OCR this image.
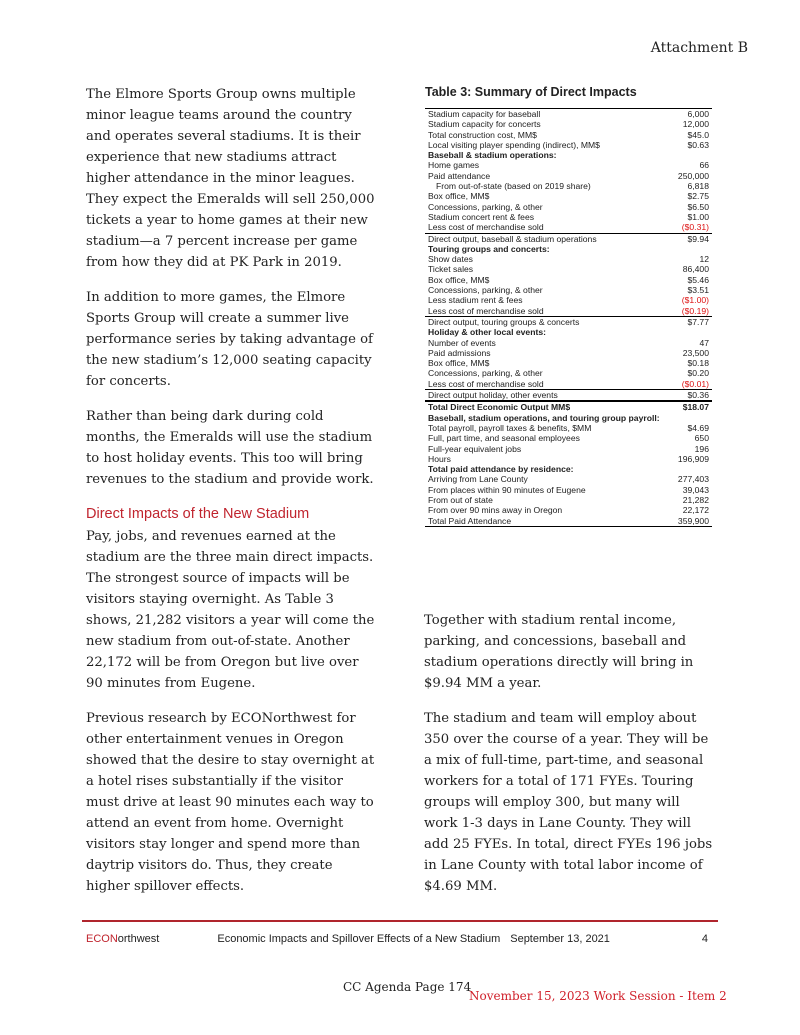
Attachment B

The Elmore Sports Group owns multiple minor league teams around the country and operates several stadiums. It is their experience that new stadiums attract higher attendance in the minor leagues. They expect the Emeralds will sell 250,000 tickets a year to home games at their new stadium—a 7 percent increase per game from how they did at PK Park in 2019.

In addition to more games, the Elmore Sports Group will create a summer live performance series by taking advantage of the new stadium’s 12,000 seating capacity for concerts.

Rather than being dark during cold months, the Emeralds will use the stadium to host holiday events. This too will bring revenues to the stadium and provide work.

Direct Impacts of the New Stadium

Pay, jobs, and revenues earned at the stadium are the three main direct impacts. The strongest source of impacts will be visitors staying overnight. As Table 3 shows, 21,282 visitors a year will come the new stadium from out-of-state. Another 22,172 will be from Oregon but live over 90 minutes from Eugene.

Previous research by ECONorthwest for other entertainment venues in Oregon showed that the desire to stay overnight at a hotel rises substantially if the visitor must drive at least 90 minutes each way to attend an event from home. Overnight visitors stay longer and spend more than daytrip visitors do. Thus, they create higher spillover effects.

Table 3: Summary of Direct Impacts
Stadium capacity for baseball	6,000
Stadium capacity for concerts	12,000
Total construction cost, MM$	$45.0
Local visiting player spending (indirect), MM$	$0.63
Baseball & stadium operations:
Home games	66
Paid attendance	250,000
From out-of-state (based on 2019 share)	6,818
Box office, MM$	$2.75
Concessions, parking, & other	$6.50
Stadium concert rent & fees	$1.00
Less cost of merchandise sold	($0.31)
Direct output, baseball & stadium operations	$9.94
Touring groups and concerts:
Show dates	12
Ticket sales	86,400
Box office, MM$	$5.46
Concessions, parking, & other	$3.51
Less stadium rent & fees	($1.00)
Less cost of merchandise sold	($0.19)
Direct output, touring groups & concerts	$7.77
Holiday & other local events:
Number of events	47
Paid admissions	23,500
Box office, MM$	$0.18
Concessions, parking, & other	$0.20
Less cost of merchandise sold	($0.01)
Direct output holiday, other events	$0.36
Total Direct Economic Output MM$	$18.07
Baseball, stadium operations, and touring group payroll:
Total payroll, payroll taxes & benefits, $MM	$4.69
Full, part time, and seasonal employees	650
Full-year equivalent jobs	196
Hours	196,909
Total paid attendance by residence:
Arriving from Lane County	277,403
From places within 90 minutes of Eugene	39,043
From out of state	21,282
From over 90 mins away in Oregon	22,172
Total Paid Attendance	359,900

Together with stadium rental income, parking, and concessions, baseball and stadium operations directly will bring in $9.94 MM a year.

The stadium and team will employ about 350 over the course of a year. They will be a mix of full-time, part-time, and seasonal workers for a total of 171 FYEs. Touring groups will employ 300, but many will work 1-3 days in Lane County. They will add 25 FYEs. In total, direct FYEs 196 jobs in Lane County with total labor income of $4.69 MM.

ECONorthwest	Economic Impacts and Spillover Effects of a New Stadium September 13, 2021	4
CC Agenda Page 174
November 15, 2023 Work Session - Item 2
